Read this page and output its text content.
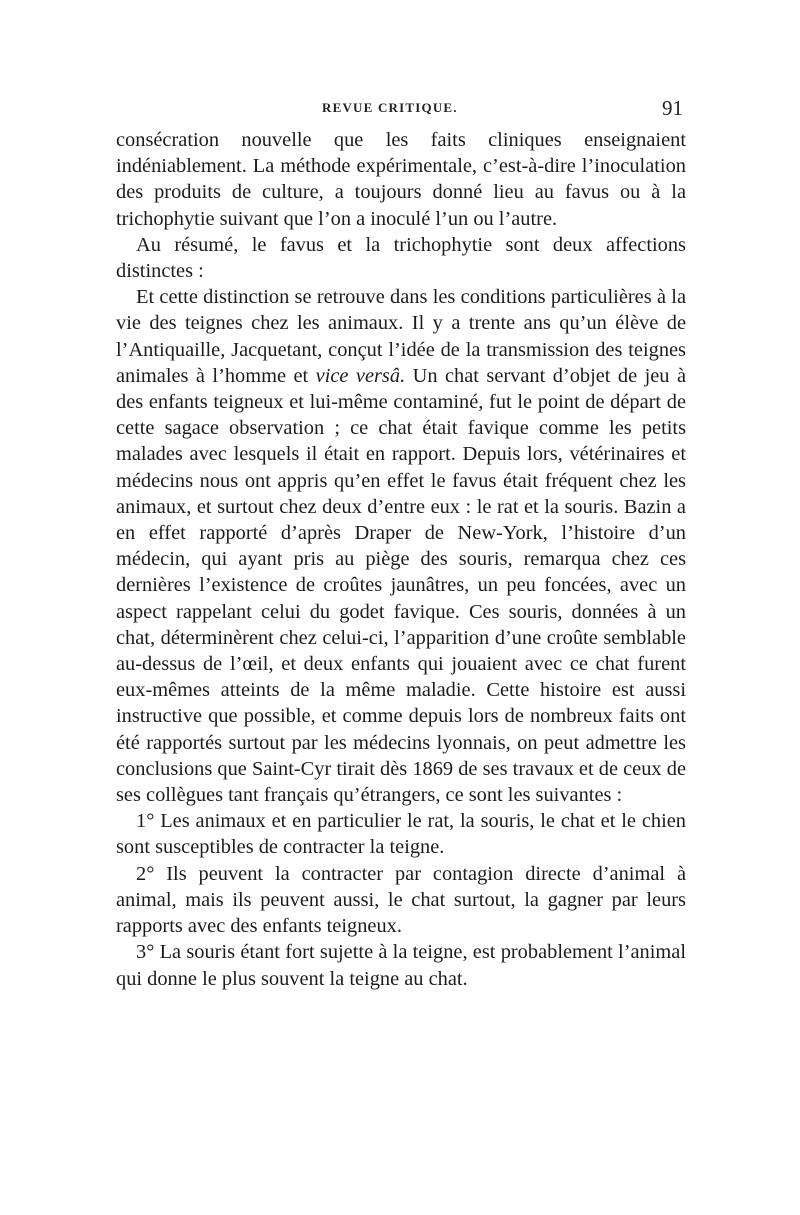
REVUE CRITIQUE.	91

consécration nouvelle que les faits cliniques enseignaient indéniablement. La méthode expérimentale, c’est-à-dire l’inoculation des produits de culture, a toujours donné lieu au favus ou à la trichophytie suivant que l’on a inoculé l’un ou l’autre.

Au résumé, le favus et la trichophytie sont deux affections distinctes :

Et cette distinction se retrouve dans les conditions particulières à la vie des teignes chez les animaux. Il y a trente ans qu’un élève de l’Antiquaille, Jacquetant, conçut l’idée de la transmission des teignes animales à l’homme et vice versâ. Un chat servant d’objet de jeu à des enfants teigneux et lui-même contaminé, fut le point de départ de cette sagace observation ; ce chat était favique comme les petits malades avec lesquels il était en rapport. Depuis lors, vétérinaires et médecins nous ont appris qu’en effet le favus était fréquent chez les animaux, et surtout chez deux d’entre eux : le rat et la souris. Bazin a en effet rapporté d’après Draper de New-York, l’histoire d’un médecin, qui ayant pris au piège des souris, remarqua chez ces dernières l’existence de croûtes jaunâtres, un peu foncées, avec un aspect rappelant celui du godet favique. Ces souris, données à un chat, déterminèrent chez celui-ci, l’apparition d’une croûte semblable au-dessus de l’œil, et deux enfants qui jouaient avec ce chat furent eux-mêmes atteints de la même maladie. Cette histoire est aussi instructive que possible, et comme depuis lors de nombreux faits ont été rapportés surtout par les médecins lyonnais, on peut admettre les conclusions que Saint-Cyr tirait dès 1869 de ses travaux et de ceux de ses collègues tant français qu’étrangers, ce sont les suivantes :

1° Les animaux et en particulier le rat, la souris, le chat et le chien sont susceptibles de contracter la teigne.

2° Ils peuvent la contracter par contagion directe d’animal à animal, mais ils peuvent aussi, le chat surtout, la gagner par leurs rapports avec des enfants teigneux.

3° La souris étant fort sujette à la teigne, est probablement l’animal qui donne le plus souvent la teigne au chat.
